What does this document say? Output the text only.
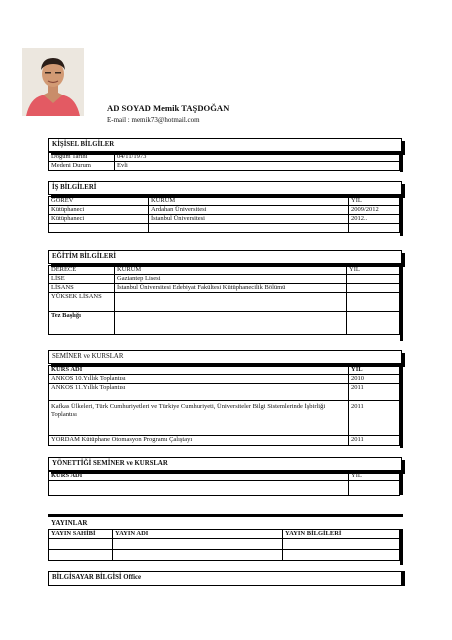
AD SOYAD Memik TAŞDOĞAN
E-mail : memik73@hotmail.com
KİŞİSEL BİLGİLER
Doğum Tarihi	04/11/1973
Medeni Durum	Evli
İŞ BİLGİLERİ
GÖREV	KURUM	YIL
Kütüphaneci	Ardahan Üniversitesi	2009/2012
Kütüphaneci	İstanbul Üniversitesi	2012..

EĞİTİM BİLGİLERİ
DERECE	KURUM	YIL
LİSE	Gaziantep Lisesi	
LİSANS	İstanbul Üniversitesi Edebiyat Fakültesi Kütüphanecilik Bölümü	
YÜKSEK LİSANS		
Tez Başlığı		
SEMİNER ve KURSLAR
KURS ADI	YIL
ANKOS 10.Yıllık Toplantısı	2010
ANKOS 11.Yıllık Toplantısı	2011
Kafkas Ülkeleri, Türk Cumhuriyetleri ve Türkiye Cumhuriyeti, Üniversiteler Bilgi Sistemlerinde İşbirliği Toplantısı	2011
YORDAM Kütüphane Otomasyon Programı Çalıştayı	2011
YÖNETTİĞİ SEMİNER ve KURSLAR
KURS ADI	YIL

YAYINLAR
YAYIN SAHİBİ	YAYIN ADI	YAYIN BİLGİLERİ

BİLGİSAYAR BİLGİSİ Office
